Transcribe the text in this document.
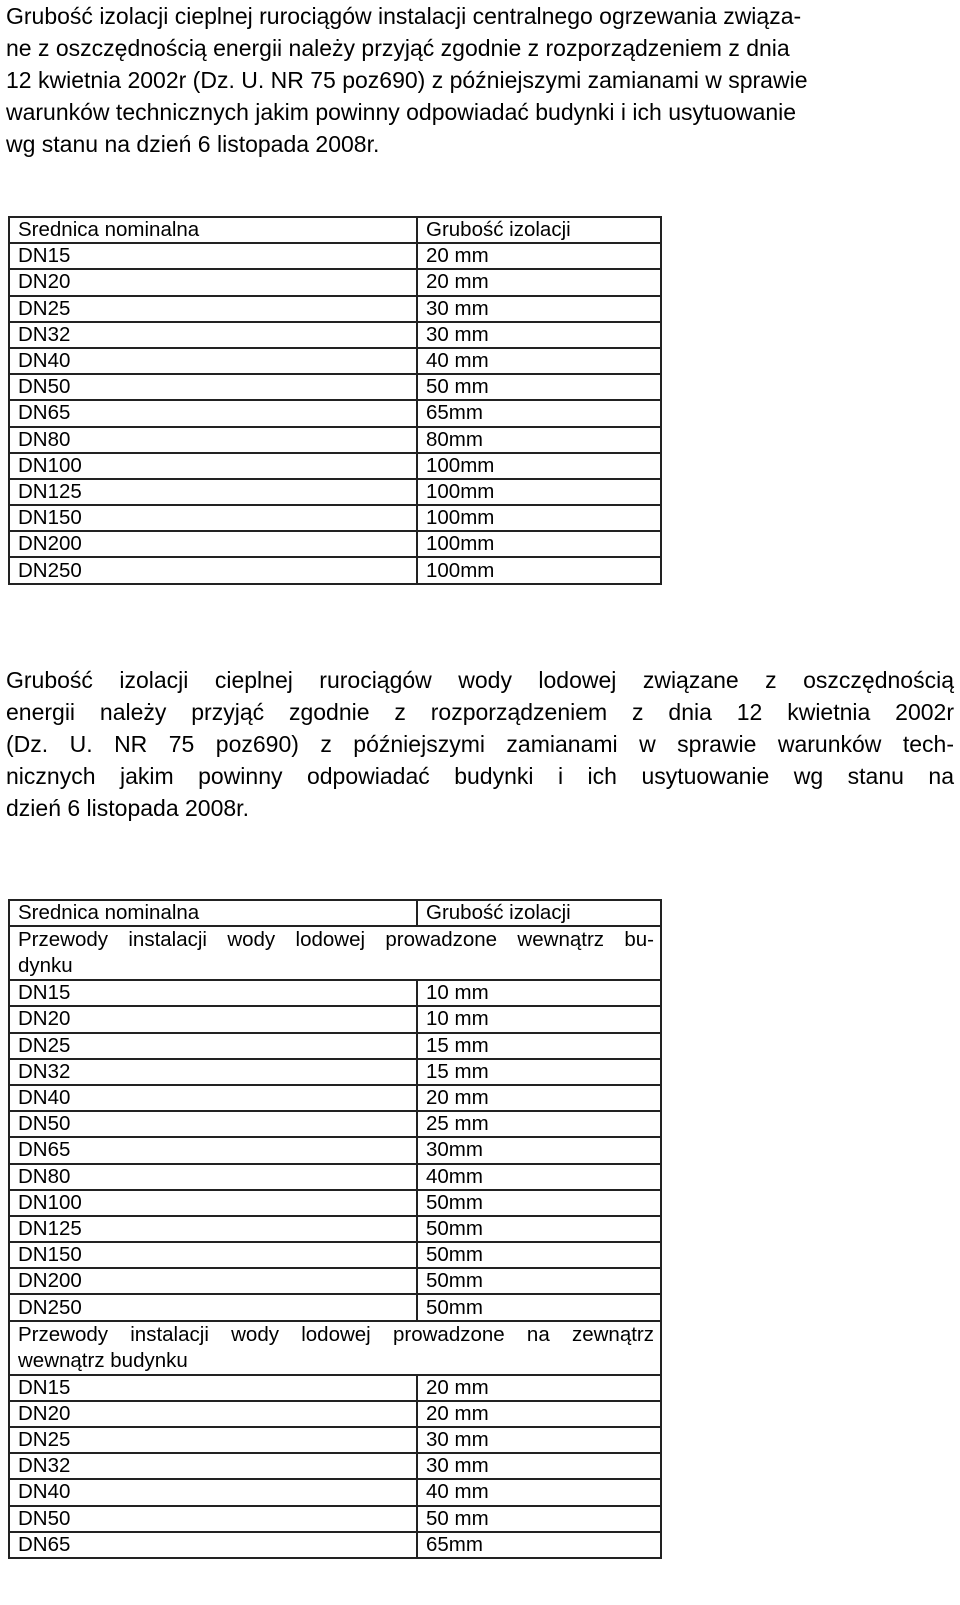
Grubość izolacji cieplnej rurociągów instalacji centralnego ogrzewania związa-
ne z oszczędnością energii należy przyjąć zgodnie z rozporządzeniem z dnia
12 kwietnia 2002r (Dz. U. NR 75 poz690) z późniejszymi zamianami w sprawie
warunków technicznych jakim powinny odpowiadać budynki i ich usytuowanie
wg stanu na dzień 6 listopada 2008r.
Srednica nominalna	Grubość izolacji
DN15	20 mm
DN20	20 mm
DN25	30 mm
DN32	30 mm
DN40	40 mm
DN50	50 mm
DN65	65mm
DN80	80mm
DN100	100mm
DN125	100mm
DN150	100mm
DN200	100mm
DN250	100mm
Grubość izolacji cieplnej rurociągów wody lodowej związane z oszczędnością
energii należy przyjąć zgodnie z rozporządzeniem z dnia 12 kwietnia 2002r
(Dz. U. NR 75 poz690) z późniejszymi zamianami w sprawie warunków tech-
nicznych jakim powinny odpowiadać budynki i ich usytuowanie wg stanu na
dzień 6 listopada 2008r.
Srednica nominalna	Grubość izolacji

Przewody instalacji wody lodowej prowadzone wewnątrz bu-
dynku	
DN15	10 mm
DN20	10 mm
DN25	15 mm
DN32	15 mm
DN40	20 mm
DN50	25 mm
DN65	30mm
DN80	40mm
DN100	50mm
DN125	50mm
DN150	50mm
DN200	50mm
DN250	50mm

Przewody instalacji wody lodowej prowadzone na zewnątrz
wewnątrz budynku	
DN15	20 mm
DN20	20 mm
DN25	30 mm
DN32	30 mm
DN40	40 mm
DN50	50 mm
DN65	65mm
